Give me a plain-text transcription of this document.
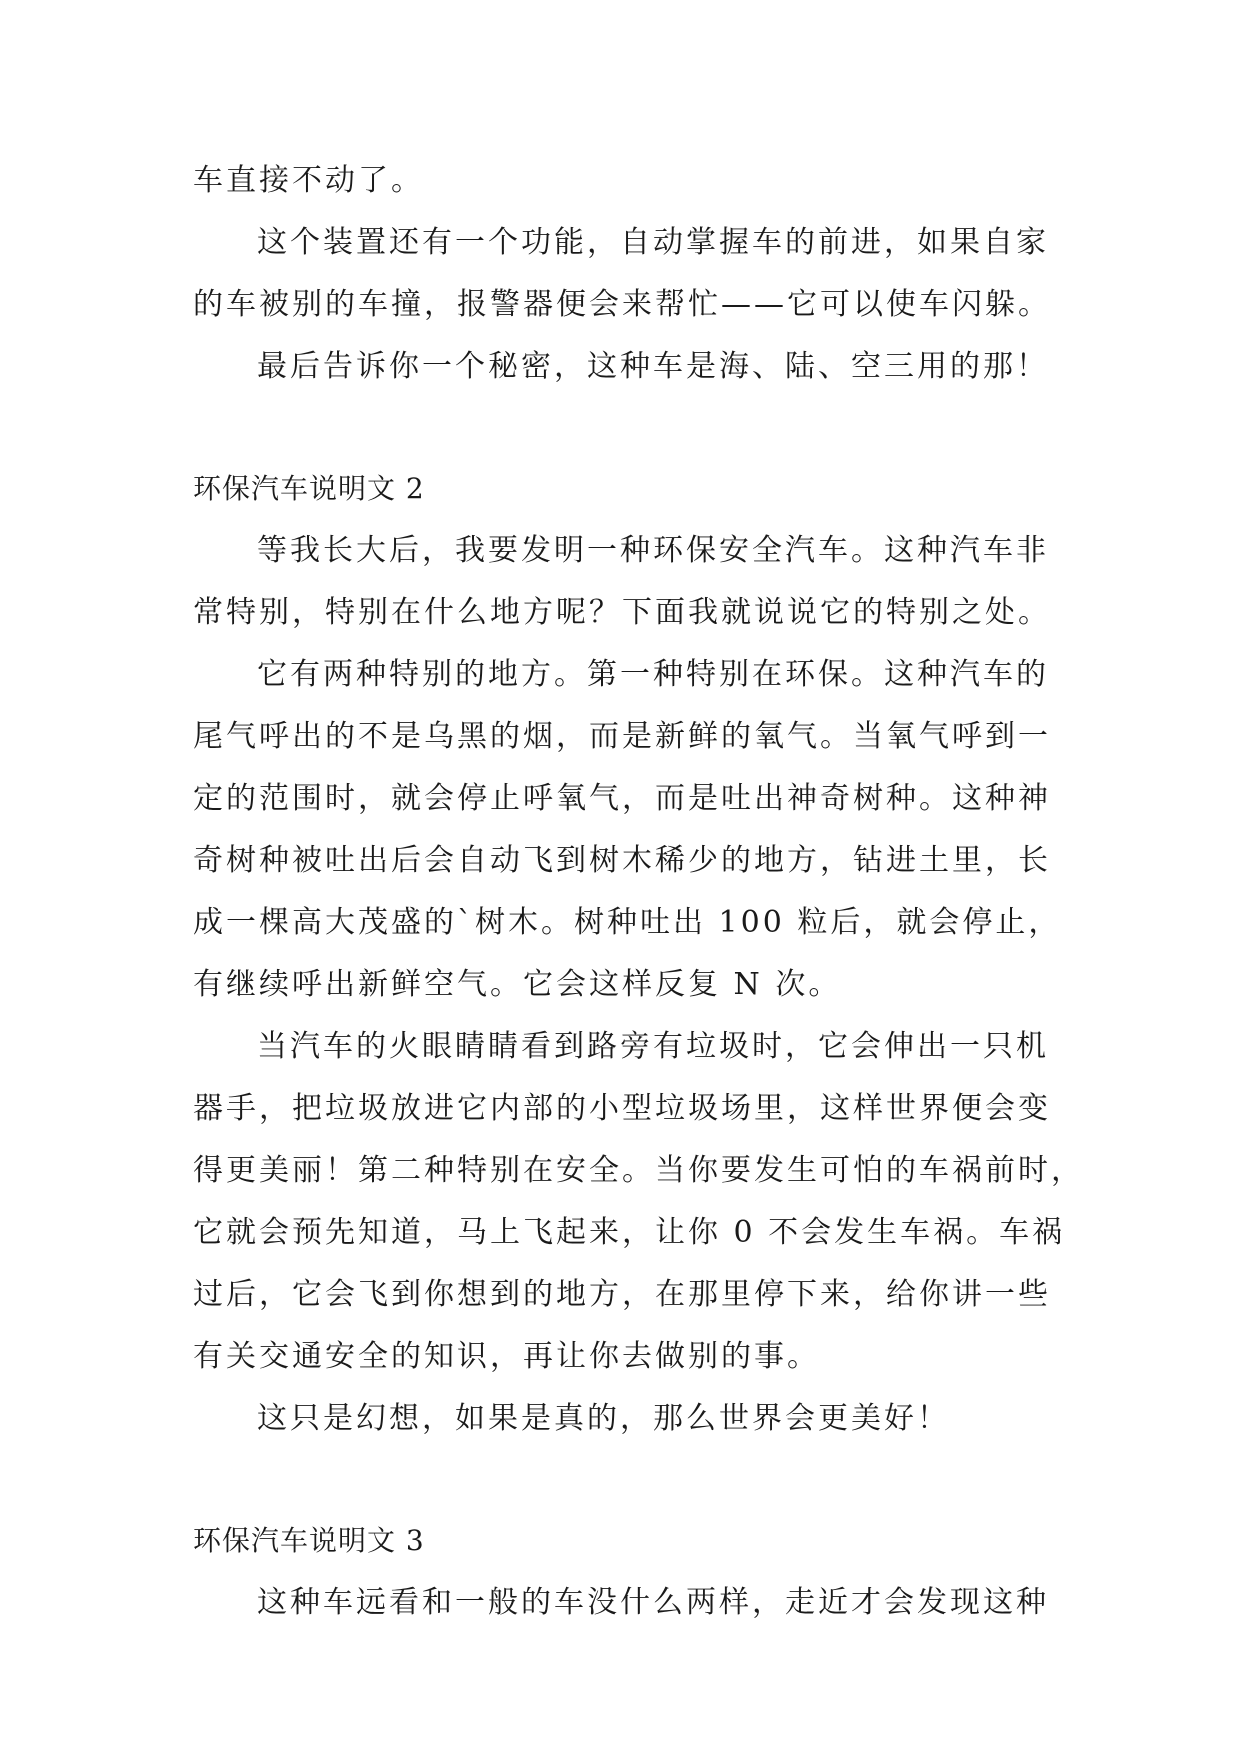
车直接不动了。
这个装置还有一个功能，自动掌握车的前进，如果自家
的车被别的车撞，报警器便会来帮忙——它可以使车闪躲。
最后告诉你一个秘密，这种车是海、陆、空三用的那！
环保汽车说明文 2
等我长大后，我要发明一种环保安全汽车。这种汽车非
常特别，特别在什么地方呢？下面我就说说它的特别之处。
它有两种特别的地方。第一种特别在环保。这种汽车的
尾气呼出的不是乌黑的烟，而是新鲜的氧气。当氧气呼到一
定的范围时，就会停止呼氧气，而是吐出神奇树种。这种神
奇树种被吐出后会自动飞到树木稀少的地方，钻进土里，长
成一棵高大茂盛的`树木。树种吐出 100 粒后，就会停止，
有继续呼出新鲜空气。它会这样反复 N 次。
当汽车的火眼睛睛看到路旁有垃圾时，它会伸出一只机
器手，把垃圾放进它内部的小型垃圾场里，这样世界便会变
得更美丽！第二种特别在安全。当你要发生可怕的车祸前时，
它就会预先知道，马上飞起来，让你 0 不会发生车祸。车祸
过后，它会飞到你想到的地方，在那里停下来，给你讲一些
有关交通安全的知识，再让你去做别的事。
这只是幻想，如果是真的，那么世界会更美好！
环保汽车说明文 3
这种车远看和一般的车没什么两样，走近才会发现这种
